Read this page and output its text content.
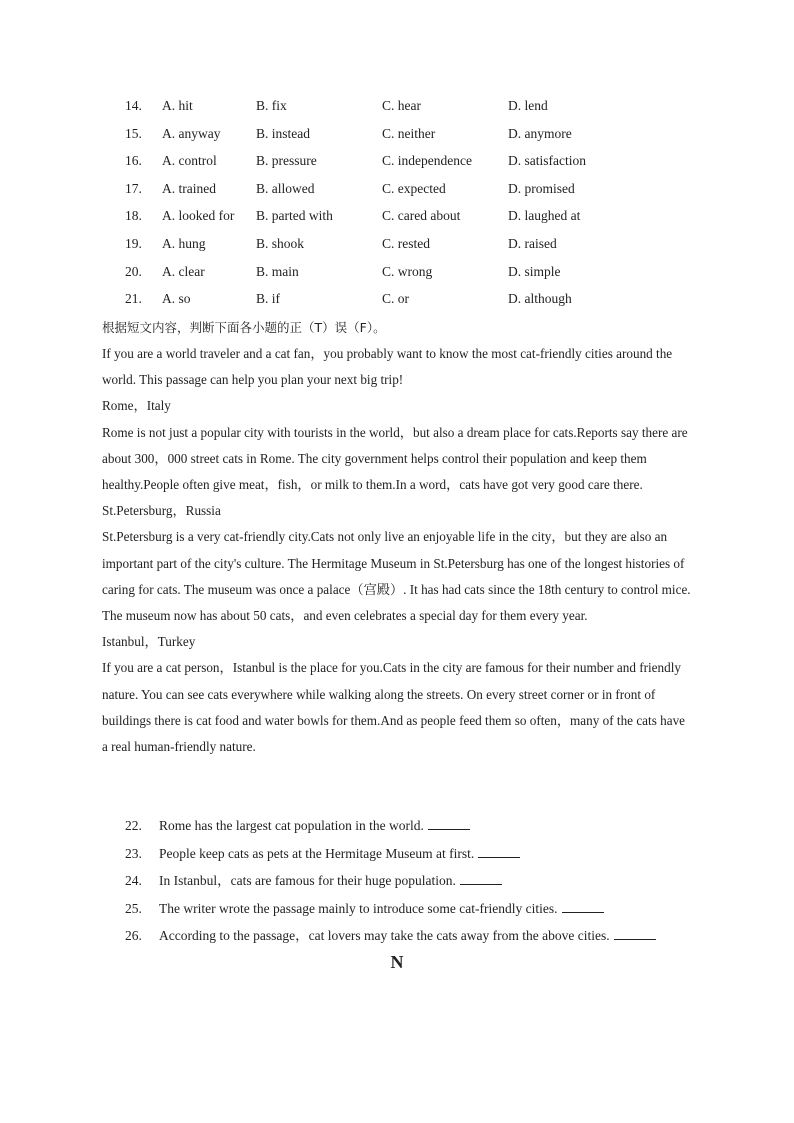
14.	A. hit	B. fix	C. hear	D. lend
15.	A. anyway	B. instead	C. neither	D. anymore
16.	A. control	B. pressure	C. independence	D. satisfaction
17.	A. trained	B. allowed	C. expected	D. promised
18.	A. looked for B. parted with	C. cared about	D. laughed at
19.	A. hung	B. shook	C. rested	D. raised
20.	A. clear	B. main	C. wrong	D. simple
21.	A. so	B. if	C. or	D. although
根据短文内容，判断下面各小题的正（T）误（F）。

If you are a world traveler and a cat fan，you probably want to know the most cat-friendly cities around the world. This passage can help you plan your next big trip!

Rome，Italy

Rome is not just a popular city with tourists in the world，but also a dream place for cats.Reports say there are about 300，000 street cats in Rome. The city government helps control their population and keep them healthy.People often give meat，fish，or milk to them.In a word，cats have got very good care there.

St.Petersburg，Russia

St.Petersburg is a very cat-friendly city.Cats not only live an enjoyable life in the city，but they are also an important part of the city's culture. The Hermitage Museum in St.Petersburg has one of the longest histories of caring for cats. The museum was once a palace（宫殿）. It has had cats since the 18th century to control mice. The museum now has about 50 cats，and even celebrates a special day for them every year.

Istanbul，Turkey

If you are a cat person，Istanbul is the place for you.Cats in the city are famous for their number and friendly nature. You can see cats everywhere while walking along the streets. On every street corner or in front of buildings there is cat food and water bowls for them.And as people feed them so often，many of the cats have a real human-friendly nature.

22. Rome has the largest cat population in the world.
23. People keep cats as pets at the Hermitage Museum at first.
24. In Istanbul，cats are famous for their huge population.
25. The writer wrote the passage mainly to introduce some cat-friendly cities.
26. According to the passage，cat lovers may take the cats away from the above cities.
N
